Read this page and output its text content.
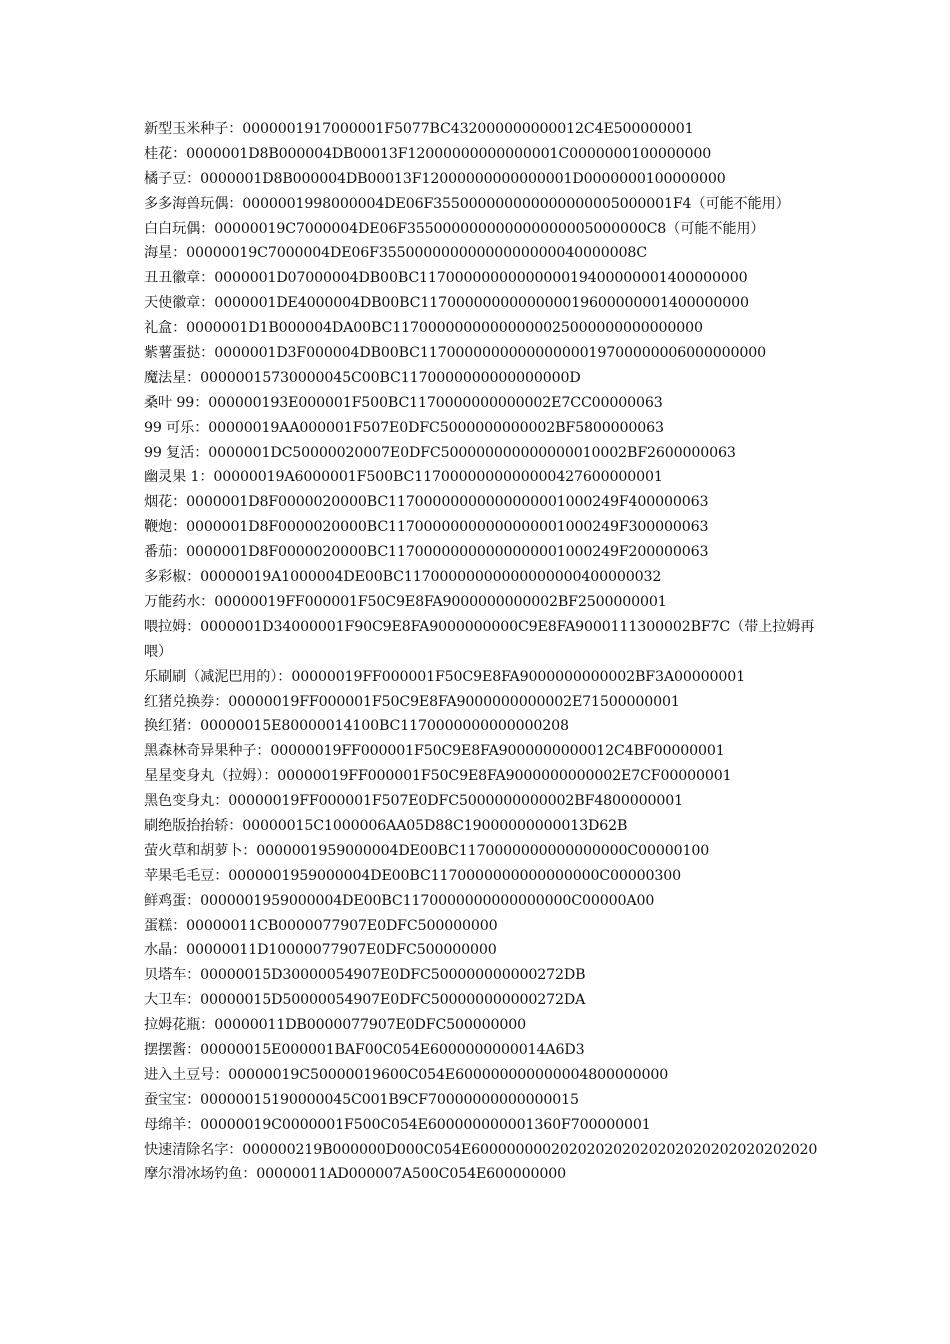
新型玉米种子：0000001917000001F5077BC432000000000012C4E500000001
桂花：0000001D8B000004DB00013F12000000000000001C0000000100000000
橘子豆：0000001D8B000004DB00013F12000000000000001D0000000100000000
多多海兽玩偶：0000001998000004DE06F355000000000000000005000001F4（可能不能用）
白白玩偶：00000019C7000004DE06F355000000000000000005000000C8（可能不能用）
海星：00000019C7000004DE06F35500000000000000000040000008C
丑丑徽章：0000001D07000004DB00BC1170000000000000019400000001400000000
天使徽章：0000001DE4000004DB00BC1170000000000000019600000001400000000
礼盒：0000001D1B000004DA00BC11700000000000000025000000000000000
紫薯蛋挞：0000001D3F000004DB00BC117000000000000000019700000006000000000
魔法星：00000015730000045C00BC1170000000000000000D
桑叶 99：000000193E000001F500BC1170000000000002E7CC00000063
99 可乐：00000019AA000001F507E0DFC5000000000002BF5800000063
99 复活：0000001DC50000020007E0DFC500000000000000010002BF2600000063
幽灵果 1：00000019A6000001F500BC1170000000000000427600000001
烟花：0000001D8F0000020000BC11700000000000000001000249F400000063
鞭炮：0000001D8F0000020000BC11700000000000000001000249F300000063
番茄：0000001D8F0000020000BC11700000000000000001000249F200000063
多彩椒：00000019A1000004DE00BC11700000000000000000400000032
万能药水：00000019FF000001F50C9E8FA9000000000002BF2500000001
喂拉姆：0000001D34000001F90C9E8FA9000000000C9E8FA9000111300002BF7C（带上拉姆再喂）
乐刷刷（减泥巴用的）：00000019FF000001F50C9E8FA9000000000002BF3A00000001
红猪兑换券：00000019FF000001F50C9E8FA9000000000002E71500000001
换红猪：00000015E80000014100BC1170000000000000208
黑森林奇异果种子：00000019FF000001F50C9E8FA9000000000012C4BF00000001
星星变身丸（拉姆）：00000019FF000001F50C9E8FA9000000000002E7CF00000001
黑色变身丸：00000019FF000001F507E0DFC5000000000002BF4800000001
刷绝版抬抬轿：00000015C1000006AA05D88C19000000000013D62B
萤火草和胡萝卜：0000001959000004DE00BC1170000000000000000C00000100
苹果毛毛豆：0000001959000004DE00BC1170000000000000000C00000300
鲜鸡蛋：0000001959000004DE00BC1170000000000000000C00000A00
蛋糕：00000011CB0000077907E0DFC500000000
水晶：00000011D10000077907E0DFC500000000
贝塔车：00000015D30000054907E0DFC500000000000272DB
大卫车：00000015D50000054907E0DFC500000000000272DA
拉姆花瓶：00000011DB0000077907E0DFC500000000
摆摆酱：00000015E000001BAF00C054E6000000000014A6D3
进入土豆号：00000019C50000019600C054E600000000000004800000000
蚕宝宝：00000015190000045C001B9CF70000000000000015
母绵羊：00000019C0000001F500C054E600000000001360F700000001
快速清除名字：000000219B000000D000C054E600000000202020202020202020202020202020
摩尔滑冰场钓鱼：00000011AD000007A500C054E600000000
